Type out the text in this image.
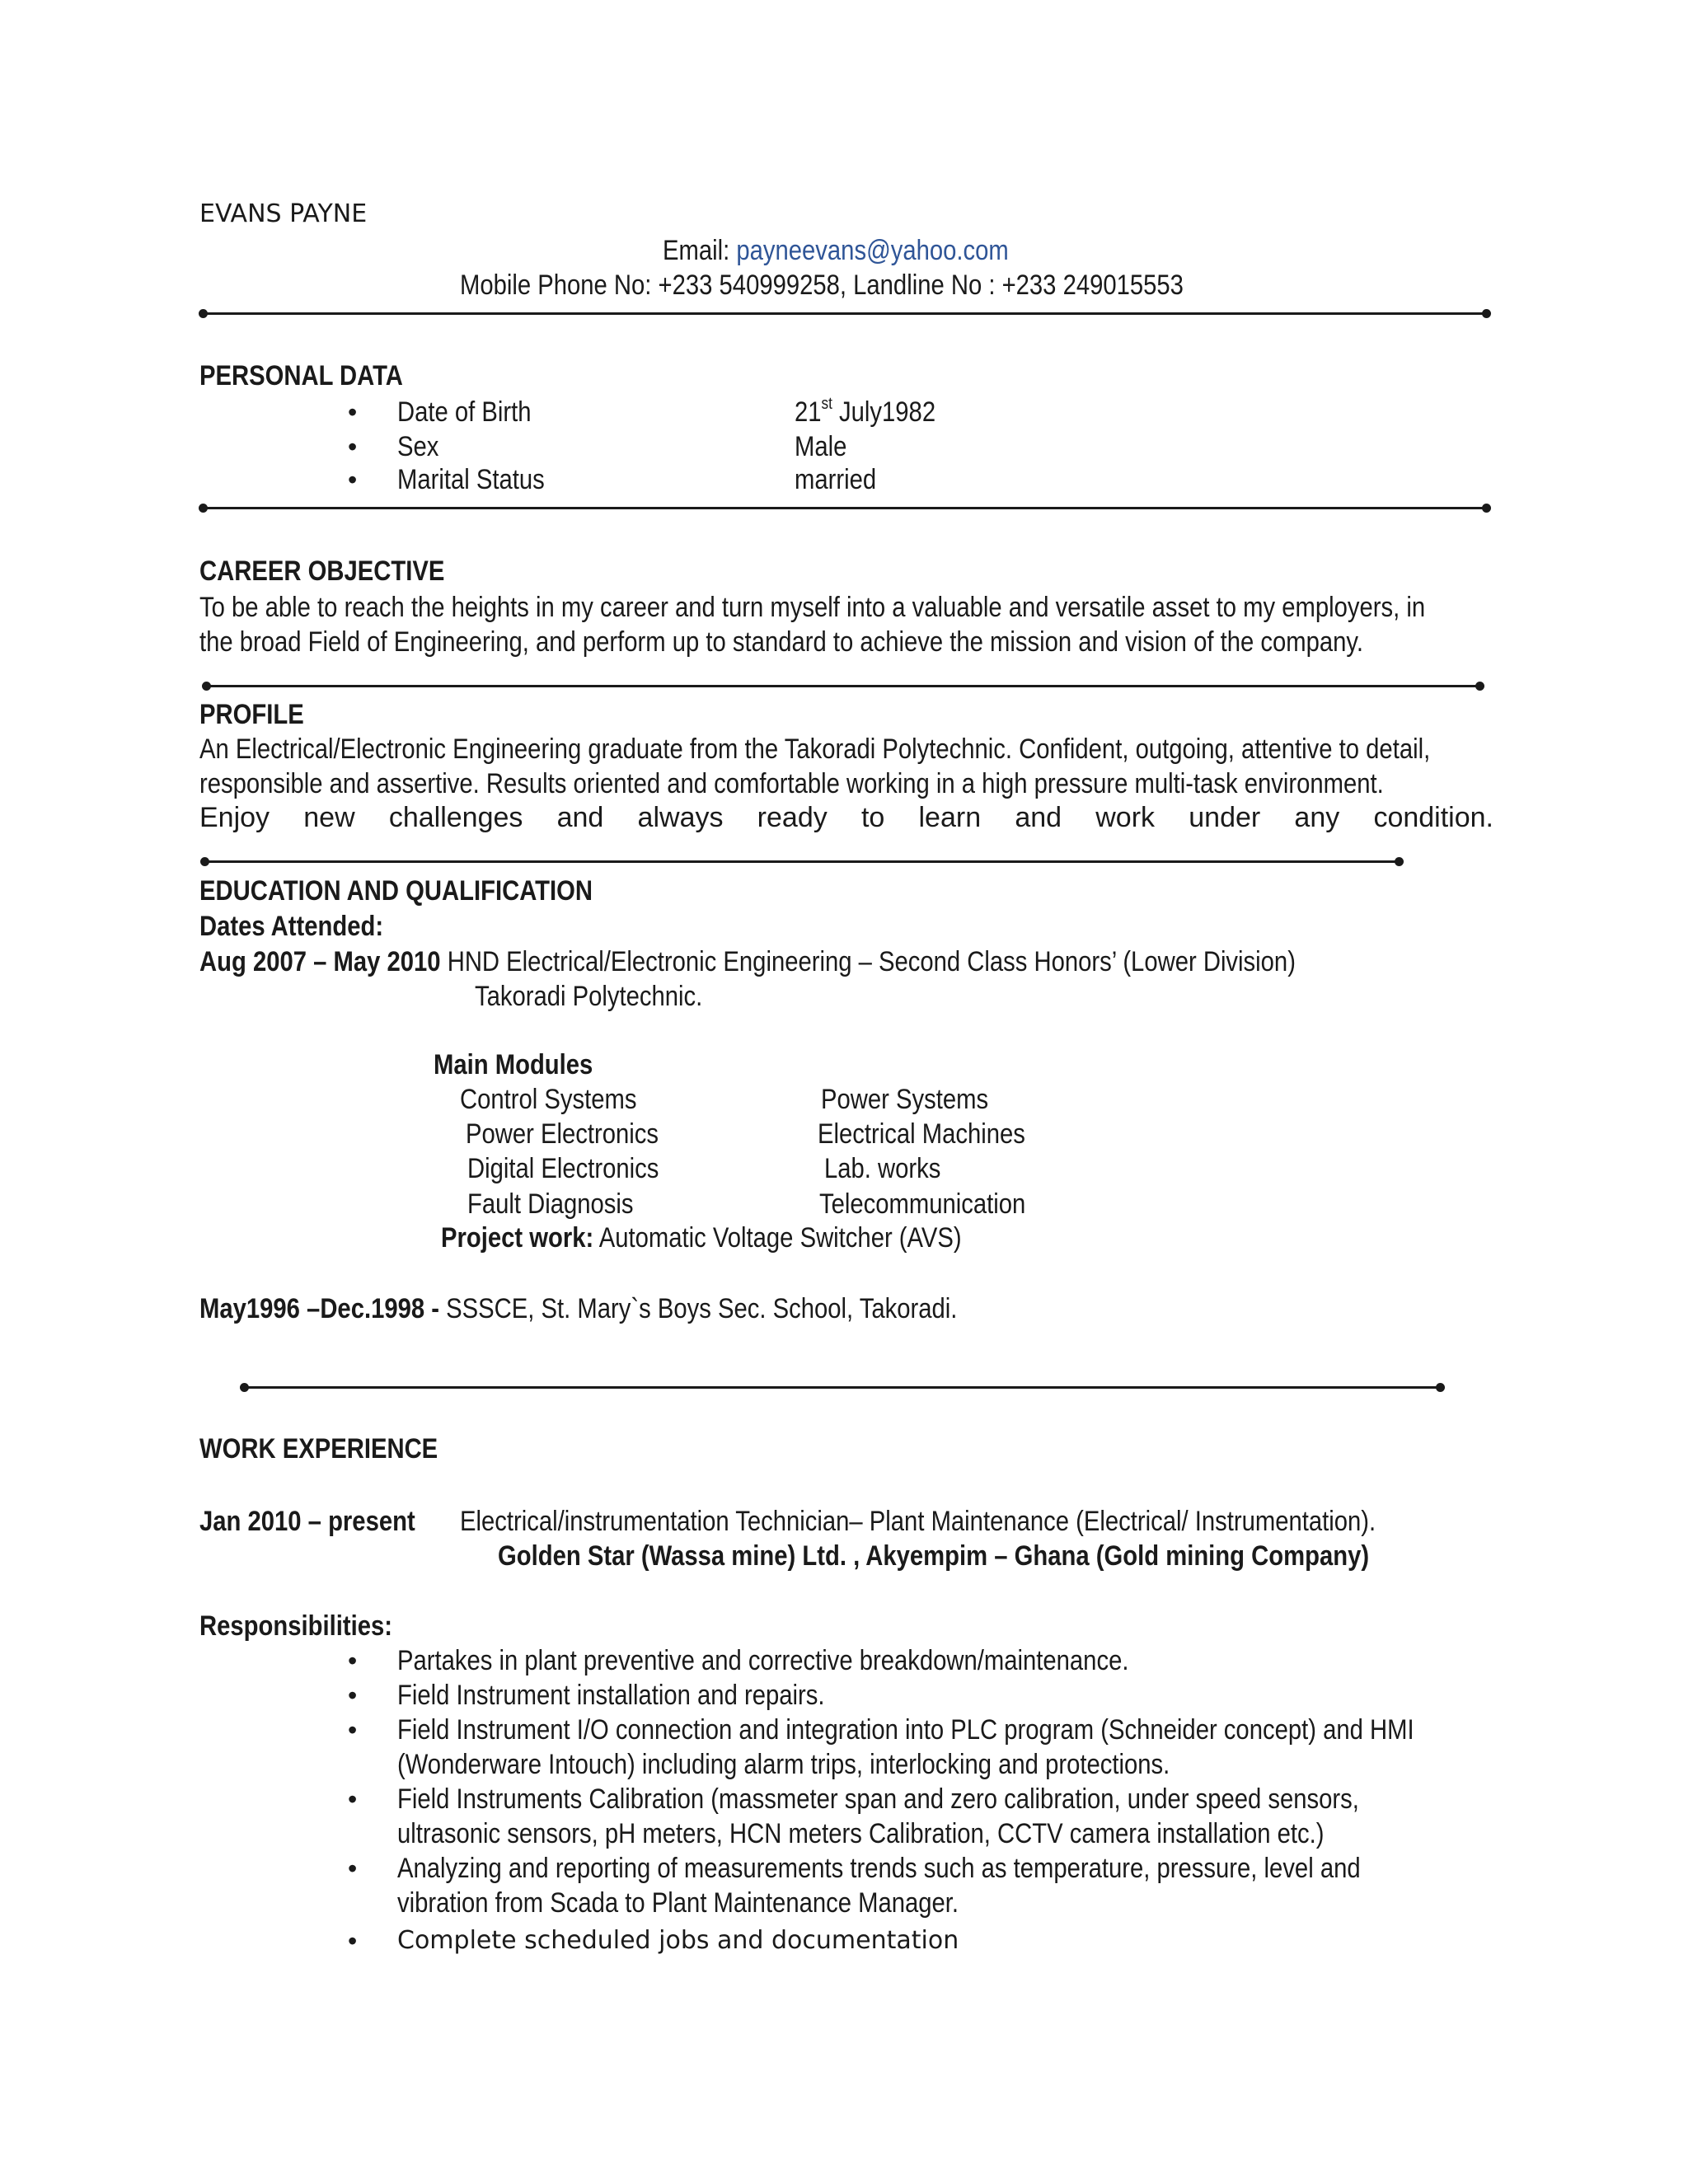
EVANS PAYNE
Email: payneevans@yahoo.com
Mobile Phone No: +233 540999258, Landline No : +233 249015553
PERSONAL DATA
• Date of Birth	21st July1982
• Sex	Male
• Marital Status	married
CAREER OBJECTIVE
To be able to reach the heights in my career and turn myself into a valuable and versatile asset to my employers, in
the broad Field of Engineering, and perform up to standard to achieve the mission and vision of the company.
PROFILE
An Electrical/Electronic Engineering graduate from the Takoradi Polytechnic. Confident, outgoing, attentive to detail,
responsible and assertive. Results oriented and comfortable working in a high pressure multi-task environment.
Enjoy new challenges and always ready to learn and work under any condition.
EDUCATION AND QUALIFICATION
Dates Attended:
Aug 2007 – May 2010 HND Electrical/Electronic Engineering – Second Class Honors’ (Lower Division)
Takoradi Polytechnic.
Main Modules
Control Systems	Power Systems
Power Electronics	Electrical Machines
Digital Electronics	Lab. works
Fault Diagnosis	Telecommunication
Project work: Automatic Voltage Switcher (AVS)
May1996 –Dec.1998 - SSSCE, St. Mary`s Boys Sec. School, Takoradi.
WORK EXPERIENCE
Jan 2010 – present Electrical/instrumentation Technician– Plant Maintenance (Electrical/ Instrumentation).
Golden Star (Wassa mine) Ltd. , Akyempim – Ghana (Gold mining Company)
Responsibilities:
• Partakes in plant preventive and corrective breakdown/maintenance.
• Field Instrument installation and repairs.
• Field Instrument I/O connection and integration into PLC program (Schneider concept) and HMI
(Wonderware Intouch) including alarm trips, interlocking and protections.
• Field Instruments Calibration (massmeter span and zero calibration, under speed sensors,
ultrasonic sensors, pH meters, HCN meters Calibration, CCTV camera installation etc.)
• Analyzing and reporting of measurements trends such as temperature, pressure, level and
vibration from Scada to Plant Maintenance Manager.
• Complete scheduled jobs and documentation
